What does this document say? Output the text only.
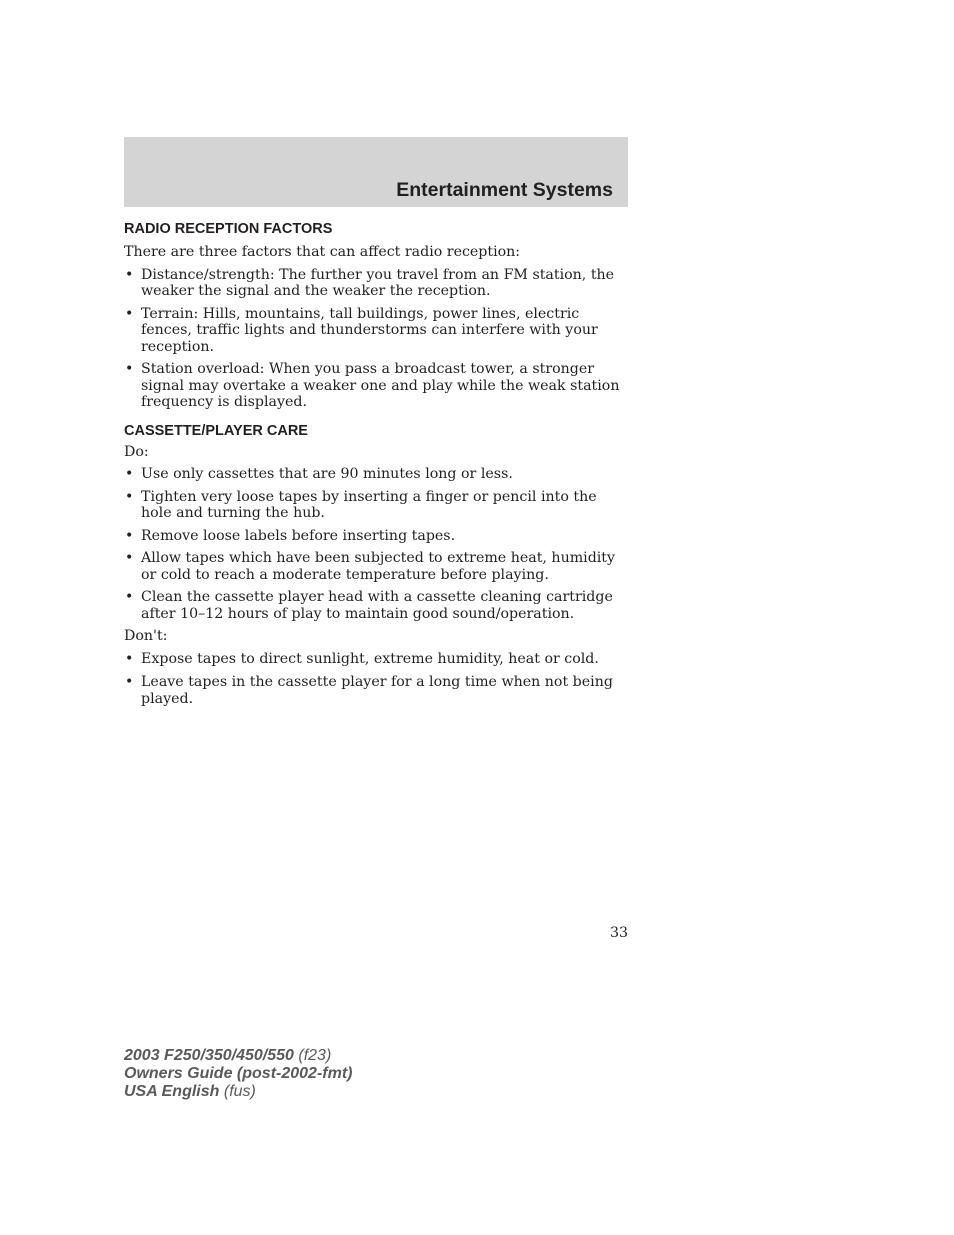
Entertainment Systems
RADIO RECEPTION FACTORS

There are three factors that can affect radio reception:

• Distance/strength: The further you travel from an FM station, the weaker the signal and the weaker the reception.
• Terrain: Hills, mountains, tall buildings, power lines, electric fences, traffic lights and thunderstorms can interfere with your reception.
• Station overload: When you pass a broadcast tower, a stronger signal may overtake a weaker one and play while the weak station frequency is displayed.
CASSETTE/PLAYER CARE

Do:

• Use only cassettes that are 90 minutes long or less.
• Tighten very loose tapes by inserting a finger or pencil into the hole and turning the hub.
• Remove loose labels before inserting tapes.
• Allow tapes which have been subjected to extreme heat, humidity or cold to reach a moderate temperature before playing.
• Clean the cassette player head with a cassette cleaning cartridge after 10–12 hours of play to maintain good sound/operation.

Don't:

• Expose tapes to direct sunlight, extreme humidity, heat or cold.
• Leave tapes in the cassette player for a long time when not being played.
33
2003 F250/350/450/550 (f23)
Owners Guide (post-2002-fmt)
USA English (fus)
